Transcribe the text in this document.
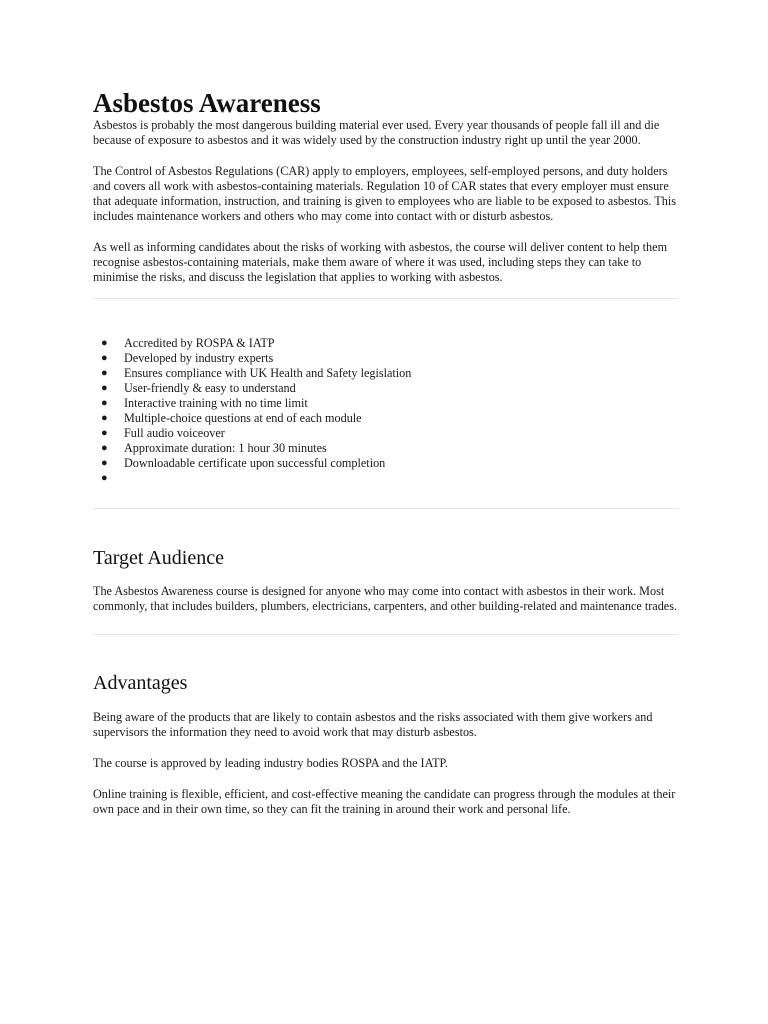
Asbestos Awareness

Asbestos is probably the most dangerous building material ever used. Every year thousands of people fall ill and die because of exposure to asbestos and it was widely used by the construction industry right up until the year 2000.

The Control of Asbestos Regulations (CAR) apply to employers, employees, self-employed persons, and duty holders and covers all work with asbestos-containing materials. Regulation 10 of CAR states that every employer must ensure that adequate information, instruction, and training is given to employees who are liable to be exposed to asbestos. This includes maintenance workers and others who may come into contact with or disturb asbestos.

As well as informing candidates about the risks of working with asbestos, the course will deliver content to help them recognise asbestos-containing materials, make them aware of where it was used, including steps they can take to minimise the risks, and discuss the legislation that applies to working with asbestos.

● Accredited by ROSPA & IATP
● Developed by industry experts
● Ensures compliance with UK Health and Safety legislation
● User-friendly & easy to understand
● Interactive training with no time limit
● Multiple-choice questions at end of each module
● Full audio voiceover
● Approximate duration: 1 hour 30 minutes
● Downloadable certificate upon successful completion
●
Target Audience

The Asbestos Awareness course is designed for anyone who may come into contact with asbestos in their work. Most commonly, that includes builders, plumbers, electricians, carpenters, and other building-related and maintenance trades.

Advantages

Being aware of the products that are likely to contain asbestos and the risks associated with them give workers and supervisors the information they need to avoid work that may disturb asbestos.

The course is approved by leading industry bodies ROSPA and the IATP.

Online training is flexible, efficient, and cost-effective meaning the candidate can progress through the modules at their own pace and in their own time, so they can fit the training in around their work and personal life.
